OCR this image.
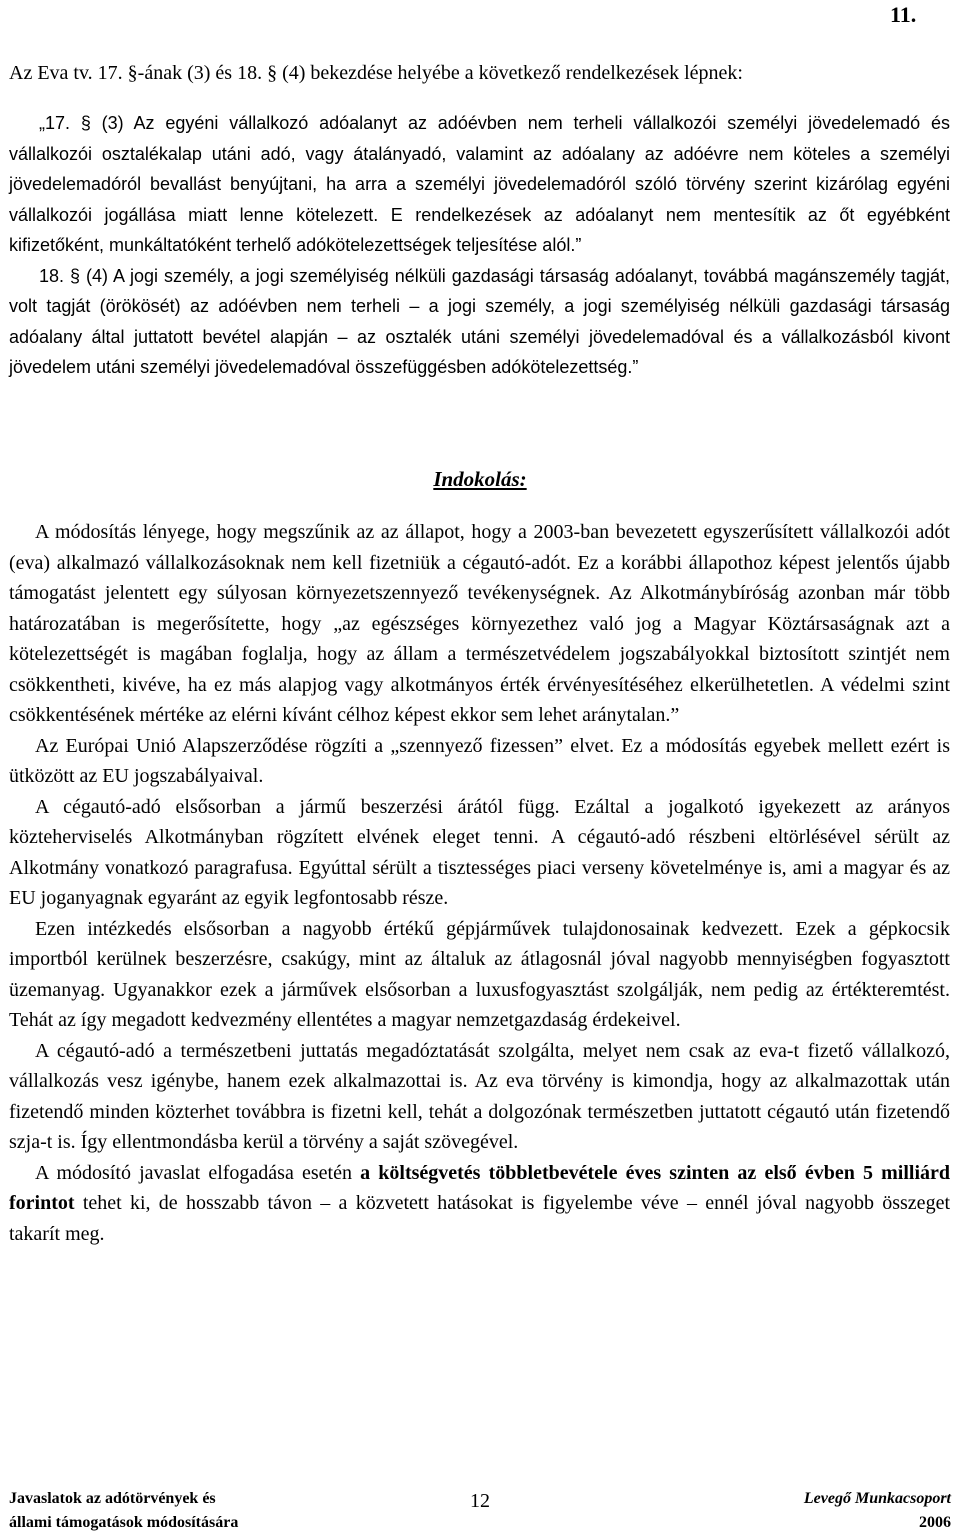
11.
Az Eva tv. 17. §-ának (3) és 18. § (4) bekezdése helyébe a következő rendelkezések lépnek:

„17. § (3) Az egyéni vállalkozó adóalanyt az adóévben nem terheli vállalkozói személyi jövedelemadó és vállalkozói osztalékalap utáni adó, vagy átalányadó, valamint az adóalany az adóévre nem köteles a személyi jövedelemadóról bevallást benyújtani, ha arra a személyi jövedelemadóról szóló törvény szerint kizárólag egyéni vállalkozói jogállása miatt lenne kötelezett. E rendelkezések az adóalanyt nem mentesítik az őt egyébként kifizetőként, munkáltatóként terhelő adókötelezettségek teljesítése alól.”

18. § (4) A jogi személy, a jogi személyiség nélküli gazdasági társaság adóalanyt, továbbá magánszemély tagját, volt tagját (örökösét) az adóévben nem terheli – a jogi személy, a jogi személyiség nélküli gazdasági társaság adóalany által juttatott bevétel alapján – az osztalék utáni személyi jövedelemadóval és a vállalkozásból kivont jövedelem utáni személyi jövedelemadóval összefüggésben adókötelezettség.”

Indokolás:

A módosítás lényege, hogy megszűnik az az állapot, hogy a 2003-ban bevezetett egyszerűsített vállalkozói adót (eva) alkalmazó vállalkozásoknak nem kell fizetniük a cégautó-adót. Ez a korábbi állapothoz képest jelentős újabb támogatást jelentett egy súlyosan környezetszennyező tevékenységnek. Az Alkotmánybíróság azonban már több határozatában is megerősítette, hogy „az egészséges környezethez való jog a Magyar Köztársaságnak azt a kötelezettségét is magában foglalja, hogy az állam a természetvédelem jogszabályokkal biztosított szintjét nem csökkentheti, kivéve, ha ez más alapjog vagy alkotmányos érték érvényesítéséhez elkerülhetetlen. A védelmi szint csökkentésének mértéke az elérni kívánt célhoz képest ekkor sem lehet aránytalan.”

Az Európai Unió Alapszerződése rögzíti a „szennyező fizessen” elvet. Ez a módosítás egyebek mellett ezért is ütközött az EU jogszabályaival.

A cégautó-adó elsősorban a jármű beszerzési árától függ. Ezáltal a jogalkotó igyekezett az arányos közteherviselés Alkotmányban rögzített elvének eleget tenni. A cégautó-adó részbeni eltörlésével sérült az Alkotmány vonatkozó paragrafusa. Egyúttal sérült a tisztességes piaci verseny követelménye is, ami a magyar és az EU joganyagnak egyaránt az egyik legfontosabb része.

Ezen intézkedés elsősorban a nagyobb értékű gépjárművek tulajdonosainak kedvezett. Ezek a gépkocsik importból kerülnek beszerzésre, csakúgy, mint az általuk az átlagosnál jóval nagyobb mennyiségben fogyasztott üzemanyag. Ugyanakkor ezek a járművek elsősorban a luxusfogyasztást szolgálják, nem pedig az értékteremtést. Tehát az így megadott kedvezmény ellentétes a magyar nemzetgazdaság érdekeivel.

A cégautó-adó a természetbeni juttatás megadóztatását szolgálta, melyet nem csak az eva-t fizető vállalkozó, vállalkozás vesz igénybe, hanem ezek alkalmazottai is. Az eva törvény is kimondja, hogy az alkalmazottak után fizetendő minden közterhet továbbra is fizetni kell, tehát a dolgozónak természetben juttatott cégautó után fizetendő szja-t is. Így ellentmondásba kerül a törvény a saját szövegével.

A módosító javaslat elfogadása esetén a költségvetés többletbevétele éves szinten az első évben 5 milliárd forintot tehet ki, de hosszabb távon – a közvetett hatásokat is figyelembe véve – ennél jóval nagyobb összeget takarít meg.

Javaslatok az adótörvények és
állami támogatások módosítására
12	Levegő Munkacsoport
2006
